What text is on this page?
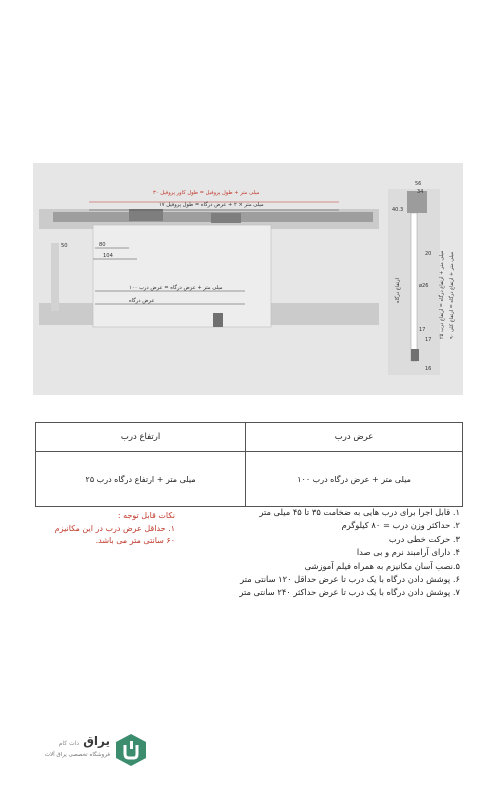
۳۰ میلی متر + طول پروفیل = طول کاور پروفیل
۱۷ میلی متر × ۲ + عرض درگاه = طول پروفیل
50	80
104
۱۰۰ میلی متر + عرض درگاه = عرض درب
عرض درگاه
56
34
40.3
20
ø26
17
17
16
ارتفاع درگاه
۲۵ میلی متر + ارتفاع درگاه = ارتفاع درب
۹۰ میلی متر + ارتفاع درگاه = ارتفاع کلی
ارتفاع درب	عرض درب
۲۵ میلی متر + ارتفاع درگاه درب	۱۰۰ میلی متر + عرض درگاه درب
۱. قابل اجرا برای درب هایی به ضخامت ۳۵ تا ۴۵ میلی متر
۲. حداکثر وزن درب = ۸۰ کیلوگرم
۳. حرکت خطی درب
۴. دارای آرامبند نرم و بی صدا
۵.نصب آسان مکانیزم به همراه فیلم آموزشی
۶. پوشش دادن درگاه با یک درب تا عرض حداقل ۱۲۰ سانتی متر
۷. پوشش دادن درگاه با یک درب تا عرض حداکثر ۲۴۰ سانتی متر
نکات قابل توجه :
۱. حداقل عرض درب در این مکانیزم
۶۰ سانتی متر می باشد.
یراق دات کام
فروشگاه تخصصی یراق آلات
